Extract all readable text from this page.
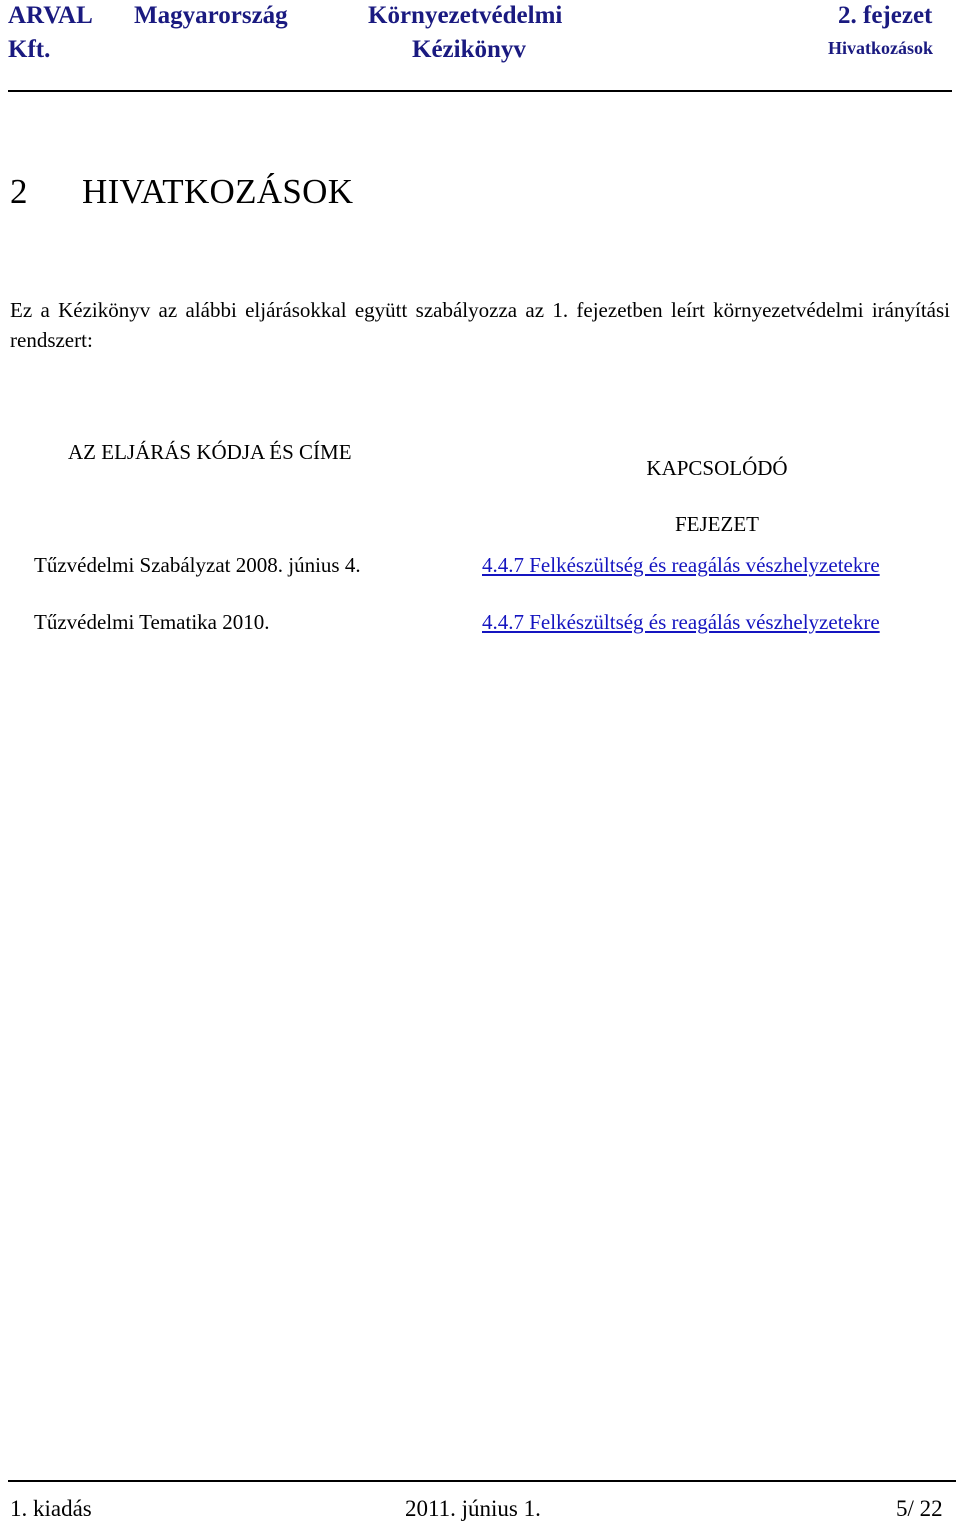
ARVAL Magyarország	Környezetvédelmi	2. fejezet
Kft.	Kézikönyv	Hivatkozások
2 HIVATKOZÁSOK
Ez a Kézikönyv az alábbi eljárásokkal együtt szabályozza az 1. fejezetben leírt környezetvédelmi irányítási rendszert:
AZ ELJÁRÁS KÓDJA ÉS CÍME
KAPCSOLÓDÓ
FEJEZET
Tűzvédelmi Szabályzat 2008. június 4.	4.4.7 Felkészültség és reagálás vészhelyzetekre
Tűzvédelmi Tematika 2010.	4.4.7 Felkészültség és reagálás vészhelyzetekre
1. kiadás	2011. június 1.	5/ 22
